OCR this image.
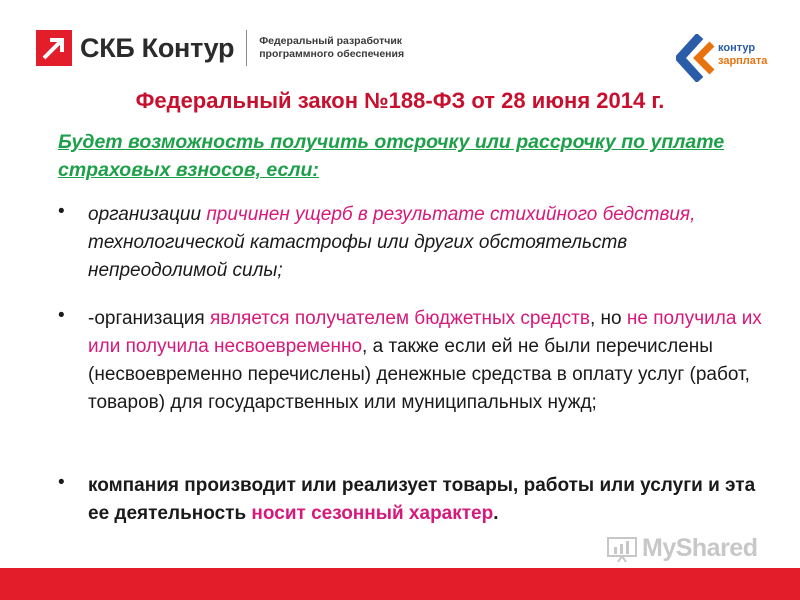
СКБ Контур Федеральный разработчик
программного обеспечения	контур
зарплата
Федеральный закон №188-ФЗ от 28 июня 2014 г.
Будет возможность получить отсрочку или рассрочку по уплате страховых взносов, если:
• организации причинен ущерб в результате стихийного бедствия, технологической катастрофы или других обстоятельств непреодолимой силы;
• -организация является получателем бюджетных средств, но не получила их или получила несвоевременно, а также если ей не были перечислены (несвоевременно перечислены) денежные средства в оплату услуг (работ, товаров) для государственных или муниципальных нужд;
• компания производит или реализует товары, работы или услуги и эта ее деятельность носит сезонный характер.
MyShared
